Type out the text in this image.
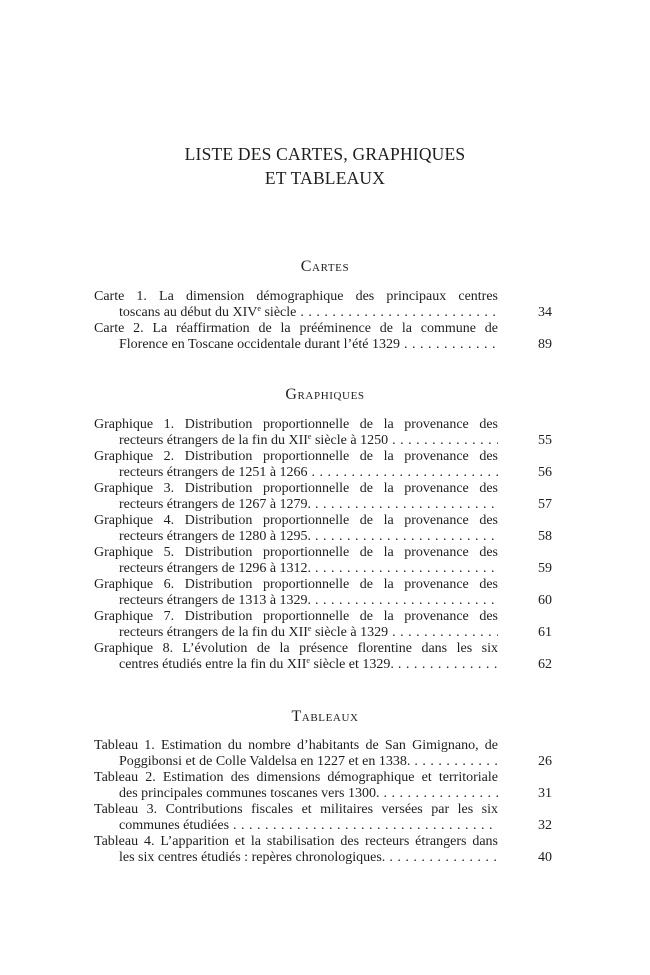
LISTE DES CARTES, GRAPHIQUES
ET TABLEAUX
Cartes
Carte 1. La dimension démographique des principaux centres
toscans au début du XIVe siècle . . .	34
Carte 2. La réaffirmation de la prééminence de la commune de
Florence en Toscane occidentale durant l’été 1329 . . .	89
Graphiques
Graphique 1. Distribution proportionnelle de la provenance des
recteurs étrangers de la fin du XIIe siècle à 1250 . . .	55
Graphique 2. Distribution proportionnelle de la provenance des
recteurs étrangers de 1251 à 1266 . . .	56
Graphique 3. Distribution proportionnelle de la provenance des
recteurs étrangers de 1267 à 1279. . . .	57
Graphique 4. Distribution proportionnelle de la provenance des
recteurs étrangers de 1280 à 1295. . . .	58
Graphique 5. Distribution proportionnelle de la provenance des
recteurs étrangers de 1296 à 1312. . . .	59
Graphique 6. Distribution proportionnelle de la provenance des
recteurs étrangers de 1313 à 1329. . . .	60
Graphique 7. Distribution proportionnelle de la provenance des
recteurs étrangers de la fin du XIIe siècle à 1329 . . .	61
Graphique 8. L’évolution de la présence florentine dans les six
centres étudiés entre la fin du XIIe siècle et 1329. . . .	62
Tableaux
Tableau 1. Estimation du nombre d’habitants de San Gimignano, de
Poggibonsi et de Colle Valdelsa en 1227 et en 1338. . . .	26
Tableau 2. Estimation des dimensions démographique et territoriale
des principales communes toscanes vers 1300. . . .	31
Tableau 3. Contributions fiscales et militaires versées par les six
communes étudiées . . .	32
Tableau 4. L’apparition et la stabilisation des recteurs étrangers dans
les six centres étudiés : repères chronologiques. . . .	40
